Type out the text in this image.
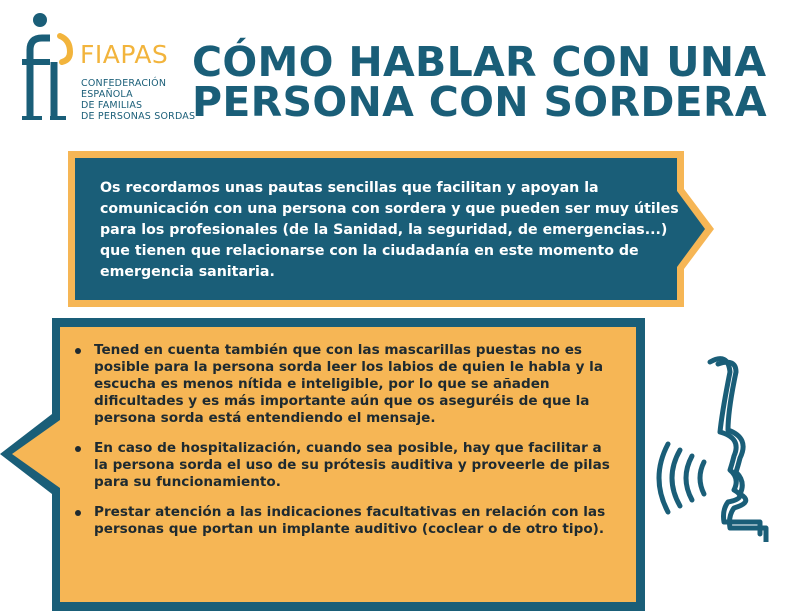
FIAPAS
CONFEDERACIÓN
ESPAÑOLA
DE FAMILIAS
DE PERSONAS SORDAS
CÓMO HABLAR CON UNA
PERSONA CON SORDERA

Os recordamos unas pautas sencillas que facilitan y apoyan la comunicación con una persona con sordera y que pueden ser muy útiles para los profesionales (de la Sanidad, la seguridad, de emergencias...) que tienen que relacionarse con la ciudadanía en este momento de emergencia sanitaria.

Tened en cuenta también que con las mascarillas puestas no es posible para la persona sorda leer los labios de quien le habla y la escucha es menos nítida e inteligible, por lo que se añaden dificultades y es más importante aún que os aseguréis de que la persona sorda está entendiendo el mensaje.
En caso de hospitalización, cuando sea posible, hay que facilitar a la persona sorda el uso de su prótesis auditiva y proveerle de pilas para su funcionamiento.
Prestar atención a las indicaciones facultativas en relación con las personas que portan un implante auditivo (coclear o de otro tipo).
